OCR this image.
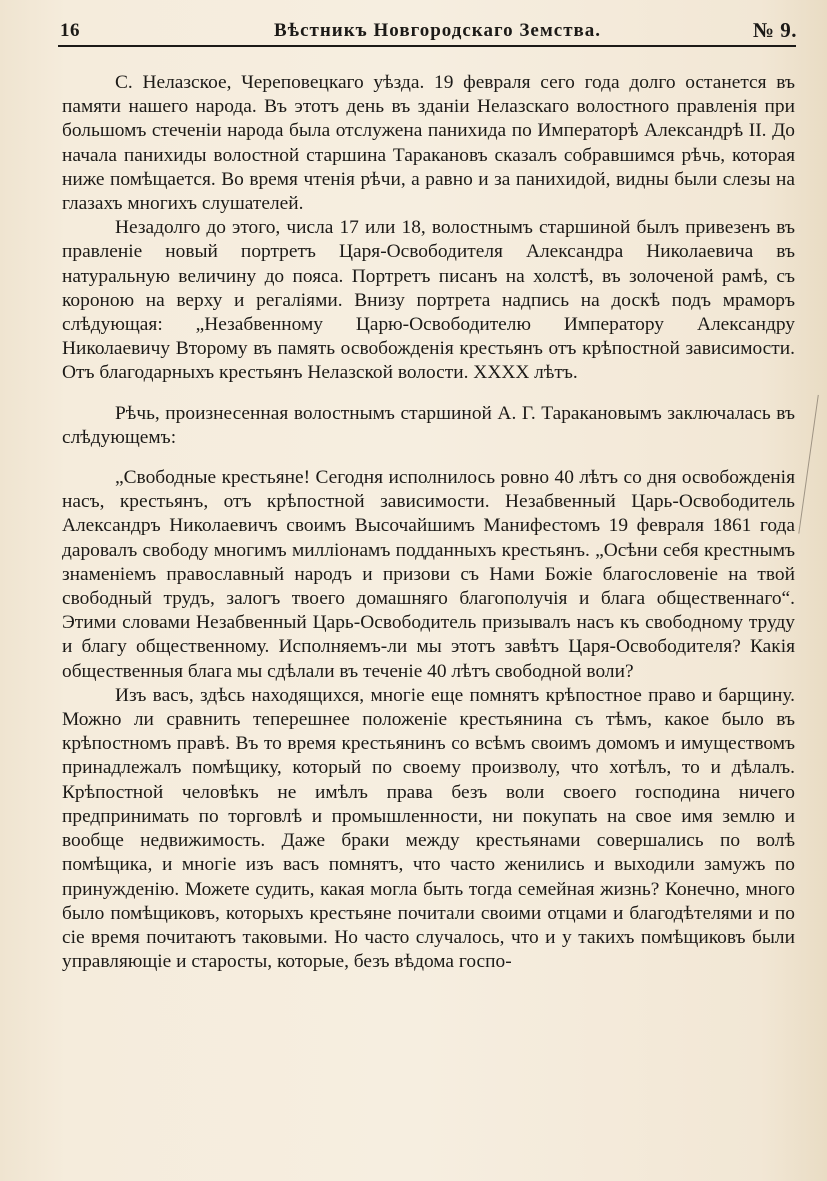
16	Вѣстникъ Новгородскаго Земства.	№ 9.

С. Нелазское, Череповецкаго уѣзда. 19 февраля сего года долго останется въ памяти нашего народа. Въ этотъ день въ зданіи Нелазскаго волостного правленія при большомъ стеченіи народа была отслужена панихида по Императорѣ Александрѣ II. До начала панихиды волостной старшина Таракановъ сказалъ собравшимся рѣчь, которая ниже помѣщается. Во время чтенія рѣчи, а равно и за панихидой, видны были слезы на глазахъ многихъ слушателей.

Незадолго до этого, числа 17 или 18, волостнымъ старшиной былъ привезенъ въ правленіе новый портретъ Царя-Освободителя Александра Николаевича въ натуральную величину до пояса. Портретъ писанъ на холстѣ, въ золоченой рамѣ, съ короною на верху и регаліями. Внизу портрета надпись на доскѣ подъ мраморъ слѣдующая: „Незабвенному Царю-Освободителю Императору Александру Николаевичу Второму въ память освобожденія крестьянъ отъ крѣпостной зависимости. Отъ благодарныхъ крестьянъ Нелазской волости. XXXX лѣтъ.

Рѣчь, произнесенная волостнымъ старшиной А. Г. Таракановымъ заключалась въ слѣдующемъ:

„Свободные крестьяне! Сегодня исполнилось ровно 40 лѣтъ со дня освобожденія насъ, крестьянъ, отъ крѣпостной зависимости. Незабвенный Царь-Освободитель Александръ Николаевичъ своимъ Высочайшимъ Манифестомъ 19 февраля 1861 года даровалъ свободу многимъ милліонамъ подданныхъ крестьянъ. „Осѣни себя крестнымъ знаменіемъ православный народъ и призови съ Нами Божіе благословеніе на твой свободный трудъ, залогъ твоего домашняго благополучія и блага общественнаго“. Этими словами Незабвенный Царь-Освободитель призывалъ насъ къ свободному труду и благу общественному. Исполняемъ-ли мы этотъ завѣтъ Царя-Освободителя? Какія общественныя блага мы сдѣлали въ теченіе 40 лѣтъ свободной воли?

Изъ васъ, здѣсь находящихся, многіе еще помнятъ крѣпостное право и барщину. Можно ли сравнить теперешнее положеніе крестьянина съ тѣмъ, какое было въ крѣпостномъ правѣ. Въ то время крестьянинъ со всѣмъ своимъ домомъ и имуществомъ принадлежалъ помѣщику, который по своему произволу, что хотѣлъ, то и дѣлалъ. Крѣпостной человѣкъ не имѣлъ права безъ воли своего господина ничего предпринимать по торговлѣ и промышленности, ни покупать на свое имя землю и вообще недвижимость. Даже браки между крестьянами совершались по волѣ помѣщика, и многіе изъ васъ помнятъ, что часто женились и выходили замужъ по принужденію. Можете судить, какая могла быть тогда семейная жизнь? Конечно, много было помѣщиковъ, которыхъ крестьяне почитали своими отцами и благодѣтелями и по сіе время почитаютъ таковыми. Но часто случалось, что и у такихъ помѣщиковъ были управляющіе и старосты, которые, безъ вѣдома госпо-
